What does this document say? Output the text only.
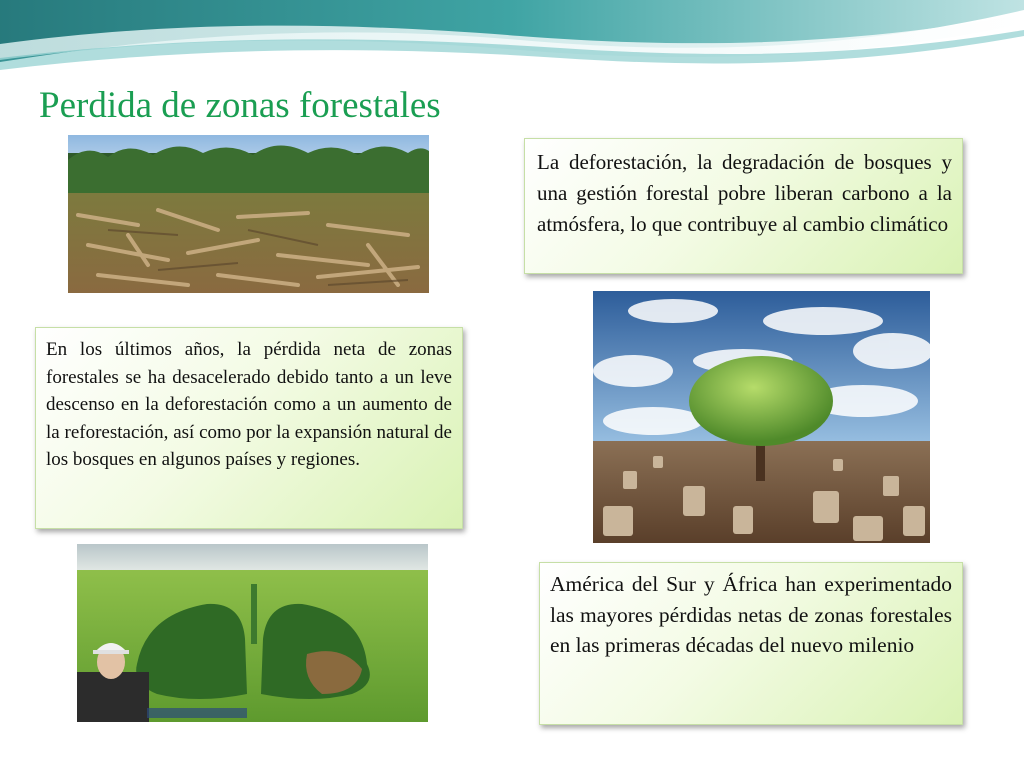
Perdida de zonas forestales
La deforestación, la degradación de bosques y una gestión forestal pobre liberan carbono a la atmósfera, lo que contribuye al cambio climático
En los últimos años, la pérdida neta de zonas forestales se ha desacelerado debido tanto a un leve descenso en la deforestación como a un aumento de la reforestación, así como por la expansión natural de los bosques en algunos países y regiones.
América del Sur y África han experimentado las mayores pérdidas netas de zonas forestales en las primeras décadas del nuevo milenio
